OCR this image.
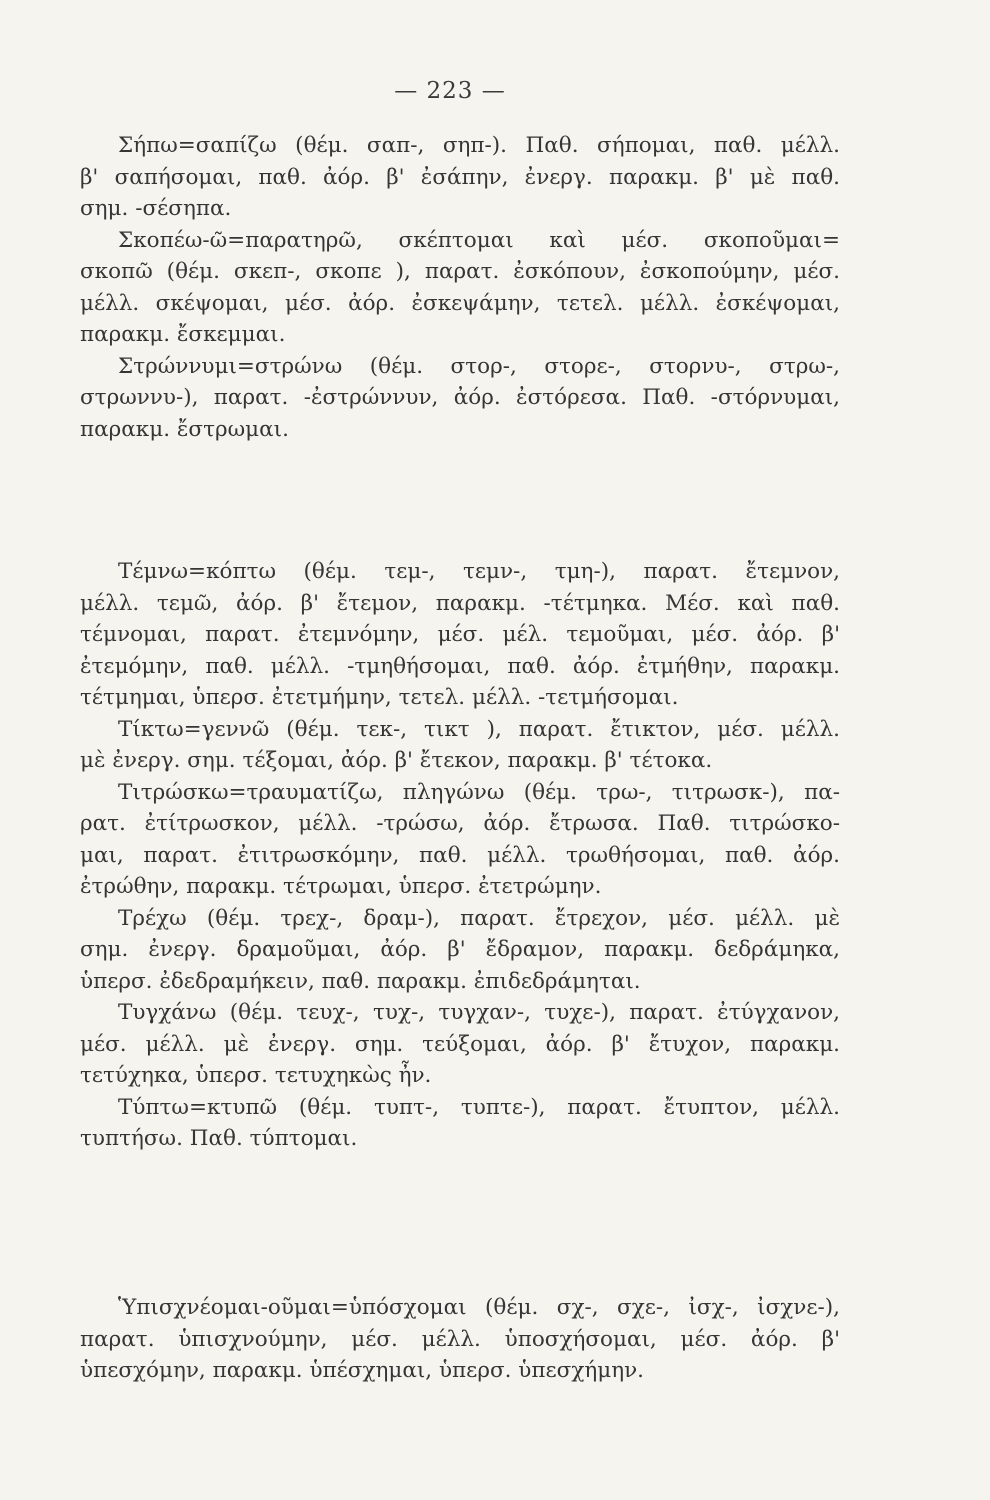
— 223 —
Σήπω=σαπίζω (θέμ. σαπ-, σηπ-). Παθ. σήπομαι, παθ. μέλλ.
β' σαπήσομαι, παθ. ἀόρ. β' ἐσάπην, ἐνεργ. παρακμ. β' μὲ παθ.
σημ. -σέσηπα.
Σκοπέω-ῶ=παρατηρῶ, σκέπτομαι καὶ μέσ. σκοποῦμαι=
σκοπῶ (θέμ. σκεπ-, σκοπε ), παρατ. ἐσκόπουν, ἐσκοπούμην, μέσ.
μέλλ. σκέψομαι, μέσ. ἀόρ. ἐσκεψάμην, τετελ. μέλλ. ἐσκέψομαι,
παρακμ. ἔσκεμμαι.
Στρώννυμι=στρώνω (θέμ. στορ-, στορε-, στορνυ-, στρω-,
στρωννυ-), παρατ. -ἐστρώννυν, ἀόρ. ἐστόρεσα. Παθ. -στόρνυμαι,
παρακμ. ἔστρωμαι.
Τέμνω=κόπτω (θέμ. τεμ-, τεμν-, τμη-), παρατ. ἔτεμνον,
μέλλ. τεμῶ, ἀόρ. β' ἔτεμον, παρακμ. -τέτμηκα. Μέσ. καὶ παθ.
τέμνομαι, παρατ. ἐτεμνόμην, μέσ. μέλ. τεμοῦμαι, μέσ. ἀόρ. β'
ἐτεμόμην, παθ. μέλλ. -τμηθήσομαι, παθ. ἀόρ. ἐτμήθην, παρακμ.
τέτμημαι, ὑπερσ. ἐτετμήμην, τετελ. μέλλ. -τετμήσομαι.
Τίκτω=γεννῶ (θέμ. τεκ-, τικτ ), παρατ. ἔτικτον, μέσ. μέλλ.
μὲ ἐνεργ. σημ. τέξομαι, ἀόρ. β' ἔτεκον, παρακμ. β' τέτοκα.
Τιτρώσκω=τραυματίζω, πληγώνω (θέμ. τρω-, τιτρωσκ-), πα-
ρατ. ἐτίτρωσκον, μέλλ. -τρώσω, ἀόρ. ἔτρωσα. Παθ. τιτρώσκο-
μαι, παρατ. ἐτιτρωσκόμην, παθ. μέλλ. τρωθήσομαι, παθ. ἀόρ.
ἐτρώθην, παρακμ. τέτρωμαι, ὑπερσ. ἐτετρώμην.
Τρέχω (θέμ. τρεχ-, δραμ-), παρατ. ἔτρεχον, μέσ. μέλλ. μὲ
σημ. ἐνεργ. δραμοῦμαι, ἀόρ. β' ἔδραμον, παρακμ. δεδράμηκα,
ὑπερσ. ἐδεδραμήκειν, παθ. παρακμ. ἐπιδεδράμηται.
Τυγχάνω (θέμ. τευχ-, τυχ-, τυγχαν-, τυχε-), παρατ. ἐτύγχανον,
μέσ. μέλλ. μὲ ἐνεργ. σημ. τεύξομαι, ἀόρ. β' ἔτυχον, παρακμ.
τετύχηκα, ὑπερσ. τετυχηκὼς ἦν.
Τύπτω=κτυπῶ (θέμ. τυπτ-, τυπτε-), παρατ. ἔτυπτον, μέλλ.
τυπτήσω. Παθ. τύπτομαι.
Ὑπισχνέομαι-οῦμαι=ὑπόσχομαι (θέμ. σχ-, σχε-, ἰσχ-, ἰσχνε-),
παρατ. ὑπισχνούμην, μέσ. μέλλ. ὑποσχήσομαι, μέσ. ἀόρ. β'
ὑπεσχόμην, παρακμ. ὑπέσχημαι, ὑπερσ. ὑπεσχήμην.
